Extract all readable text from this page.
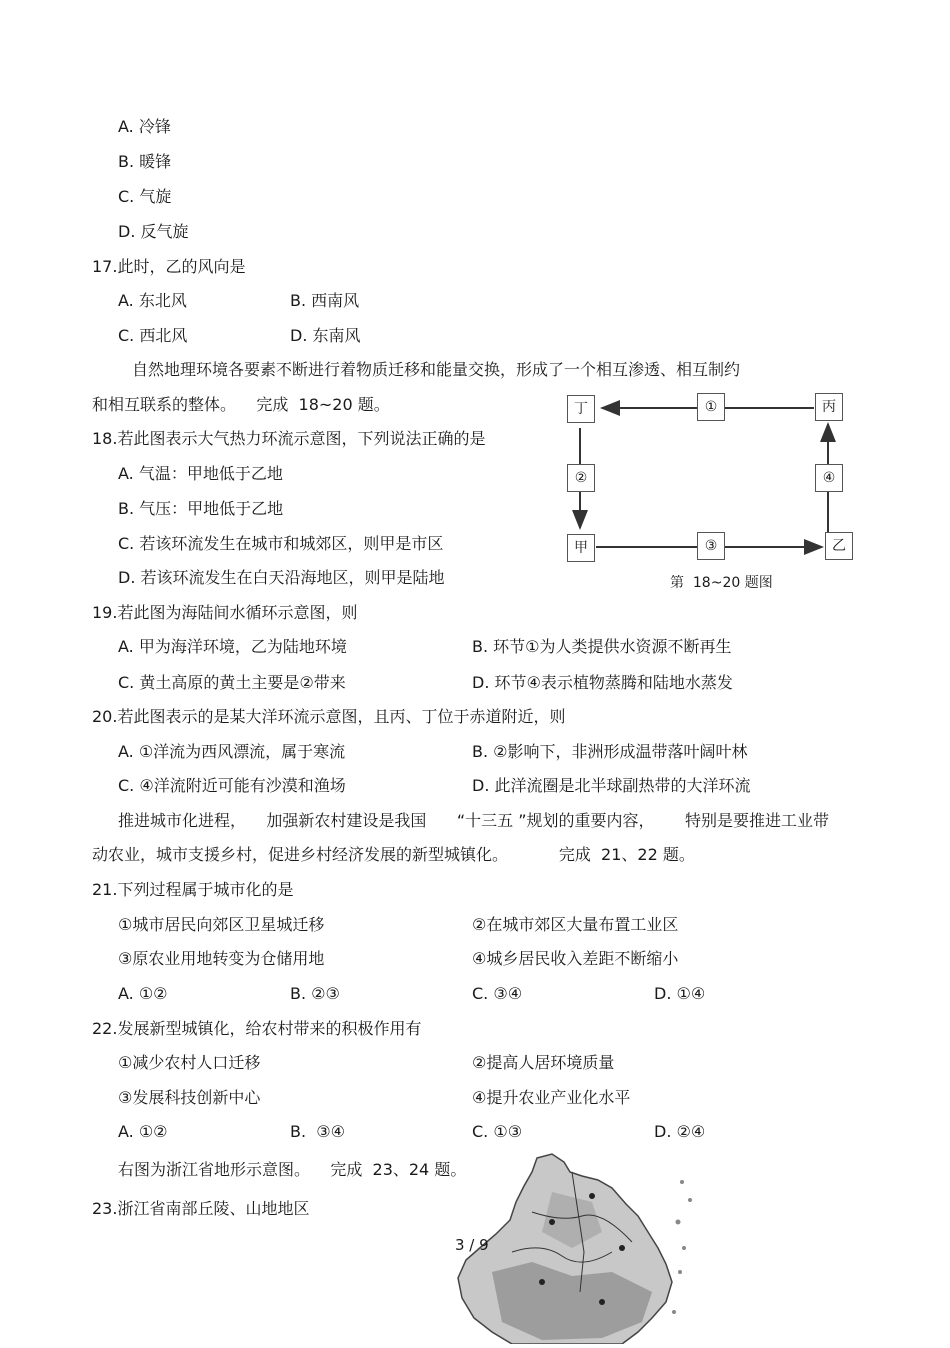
A. 冷锋
B. 暖锋
C. 气旋
D. 反气旋
17.此时，乙的风向是
A. 东北风	B. 西南风
C. 西北风	D. 东南风
自然地理环境各要素不断进行着物质迁移和能量交换，形成了一个相互渗透、相互制约
和相互联系的整体。    完成  18~20 题。	丁	丙
甲	乙
①
②
③
④
第  18~20 题图
18.若此图表示大气热力环流示意图，下列说法正确的是
A. 气温：甲地低于乙地
B. 气压：甲地低于乙地
C. 若该环流发生在城市和城郊区，则甲是市区
D. 若该环流发生在白天沿海地区，则甲是陆地
19.若此图为海陆间水循环示意图，则
A. 甲为海洋环境，乙为陆地环境	B. 环节①为人类提供水资源不断再生
C. 黄土高原的黄土主要是②带来	D. 环节④表示植物蒸腾和陆地水蒸发
20.若此图表示的是某大洋环流示意图，且丙、丁位于赤道附近，则
A. ①洋流为西风漂流，属于寒流	B. ②影响下，非洲形成温带落叶阔叶林
C. ④洋流附近可能有沙漠和渔场	D. 此洋流圈是北半球副热带的大洋环流
推进城市化进程，    加强新农村建设是我国      “十三五 ”规划的重要内容，      特别是要推进工业带
动农业，城市支援乡村，促进乡村经济发展的新型城镇化。          完成  21、22 题。
21.下列过程属于城市化的是
①城市居民向郊区卫星城迁移	②在城市郊区大量布置工业区
③原农业用地转变为仓储用地	④城乡居民收入差距不断缩小
A. ①②	B. ②③	C. ③④	D. ①④
22.发展新型城镇化，给农村带来的积极作用有
①减少农村人口迁移	②提高人居环境质量
③发展科技创新中心	④提升农业产业化水平
A. ①②	B.  ③④	C. ①③	D. ②④
右图为浙江省地形示意图。    完成  23、24 题。
23.浙江省南部丘陵、山地地区
3 / 9
